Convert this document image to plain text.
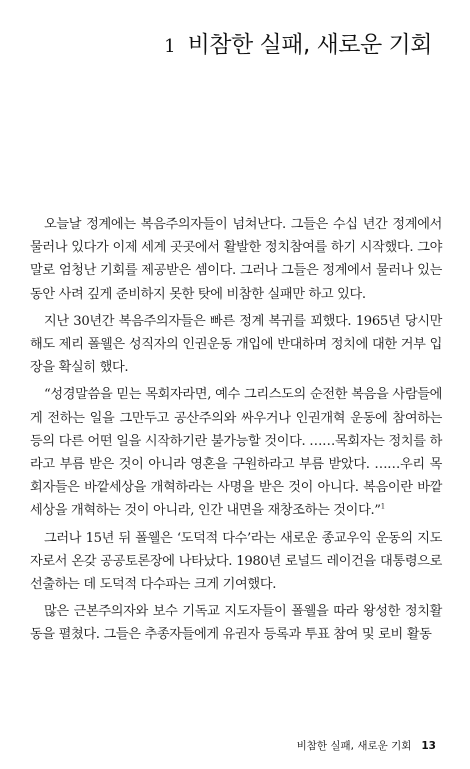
1 비참한 실패, 새로운 기회

오늘날 정계에는 복음주의자들이 넘쳐난다. 그들은 수십 년간 정계에서 물러나 있다가 이제 세계 곳곳에서 활발한 정치참여를 하기 시작했다. 그야말로 엄청난 기회를 제공받은 셈이다. 그러나 그들은 정계에서 물러나 있는 동안 사려 깊게 준비하지 못한 탓에 비참한 실패만 하고 있다.

지난 30년간 복음주의자들은 빠른 정계 복귀를 꾀했다. 1965년 당시만 해도 제리 폴웰은 성직자의 인권운동 개입에 반대하며 정치에 대한 거부 입장을 확실히 했다.

“성경말씀을 믿는 목회자라면, 예수 그리스도의 순전한 복음을 사람들에게 전하는 일을 그만두고 공산주의와 싸우거나 인권개혁 운동에 참여하는 등의 다른 어떤 일을 시작하기란 불가능할 것이다. ……목회자는 정치를 하라고 부름 받은 것이 아니라 영혼을 구원하라고 부름 받았다. ……우리 목회자들은 바깥세상을 개혁하라는 사명을 받은 것이 아니다. 복음이란 바깥세상을 개혁하는 것이 아니라, 인간 내면을 재창조하는 것이다.”$^1$

그러나 15년 뒤 폴웰은 ‘도덕적 다수’라는 새로운 종교우익 운동의 지도자로서 온갖 공공토론장에 나타났다. 1980년 로널드 레이건을 대통령으로 선출하는 데 도덕적 다수파는 크게 기여했다.

많은 근본주의자와 보수 기독교 지도자들이 폴웰을 따라 왕성한 정치활동을 펼쳤다. 그들은 추종자들에게 유권자 등록과 투표 참여 및 로비 활동

비참한 실패, 새로운 기회 13
